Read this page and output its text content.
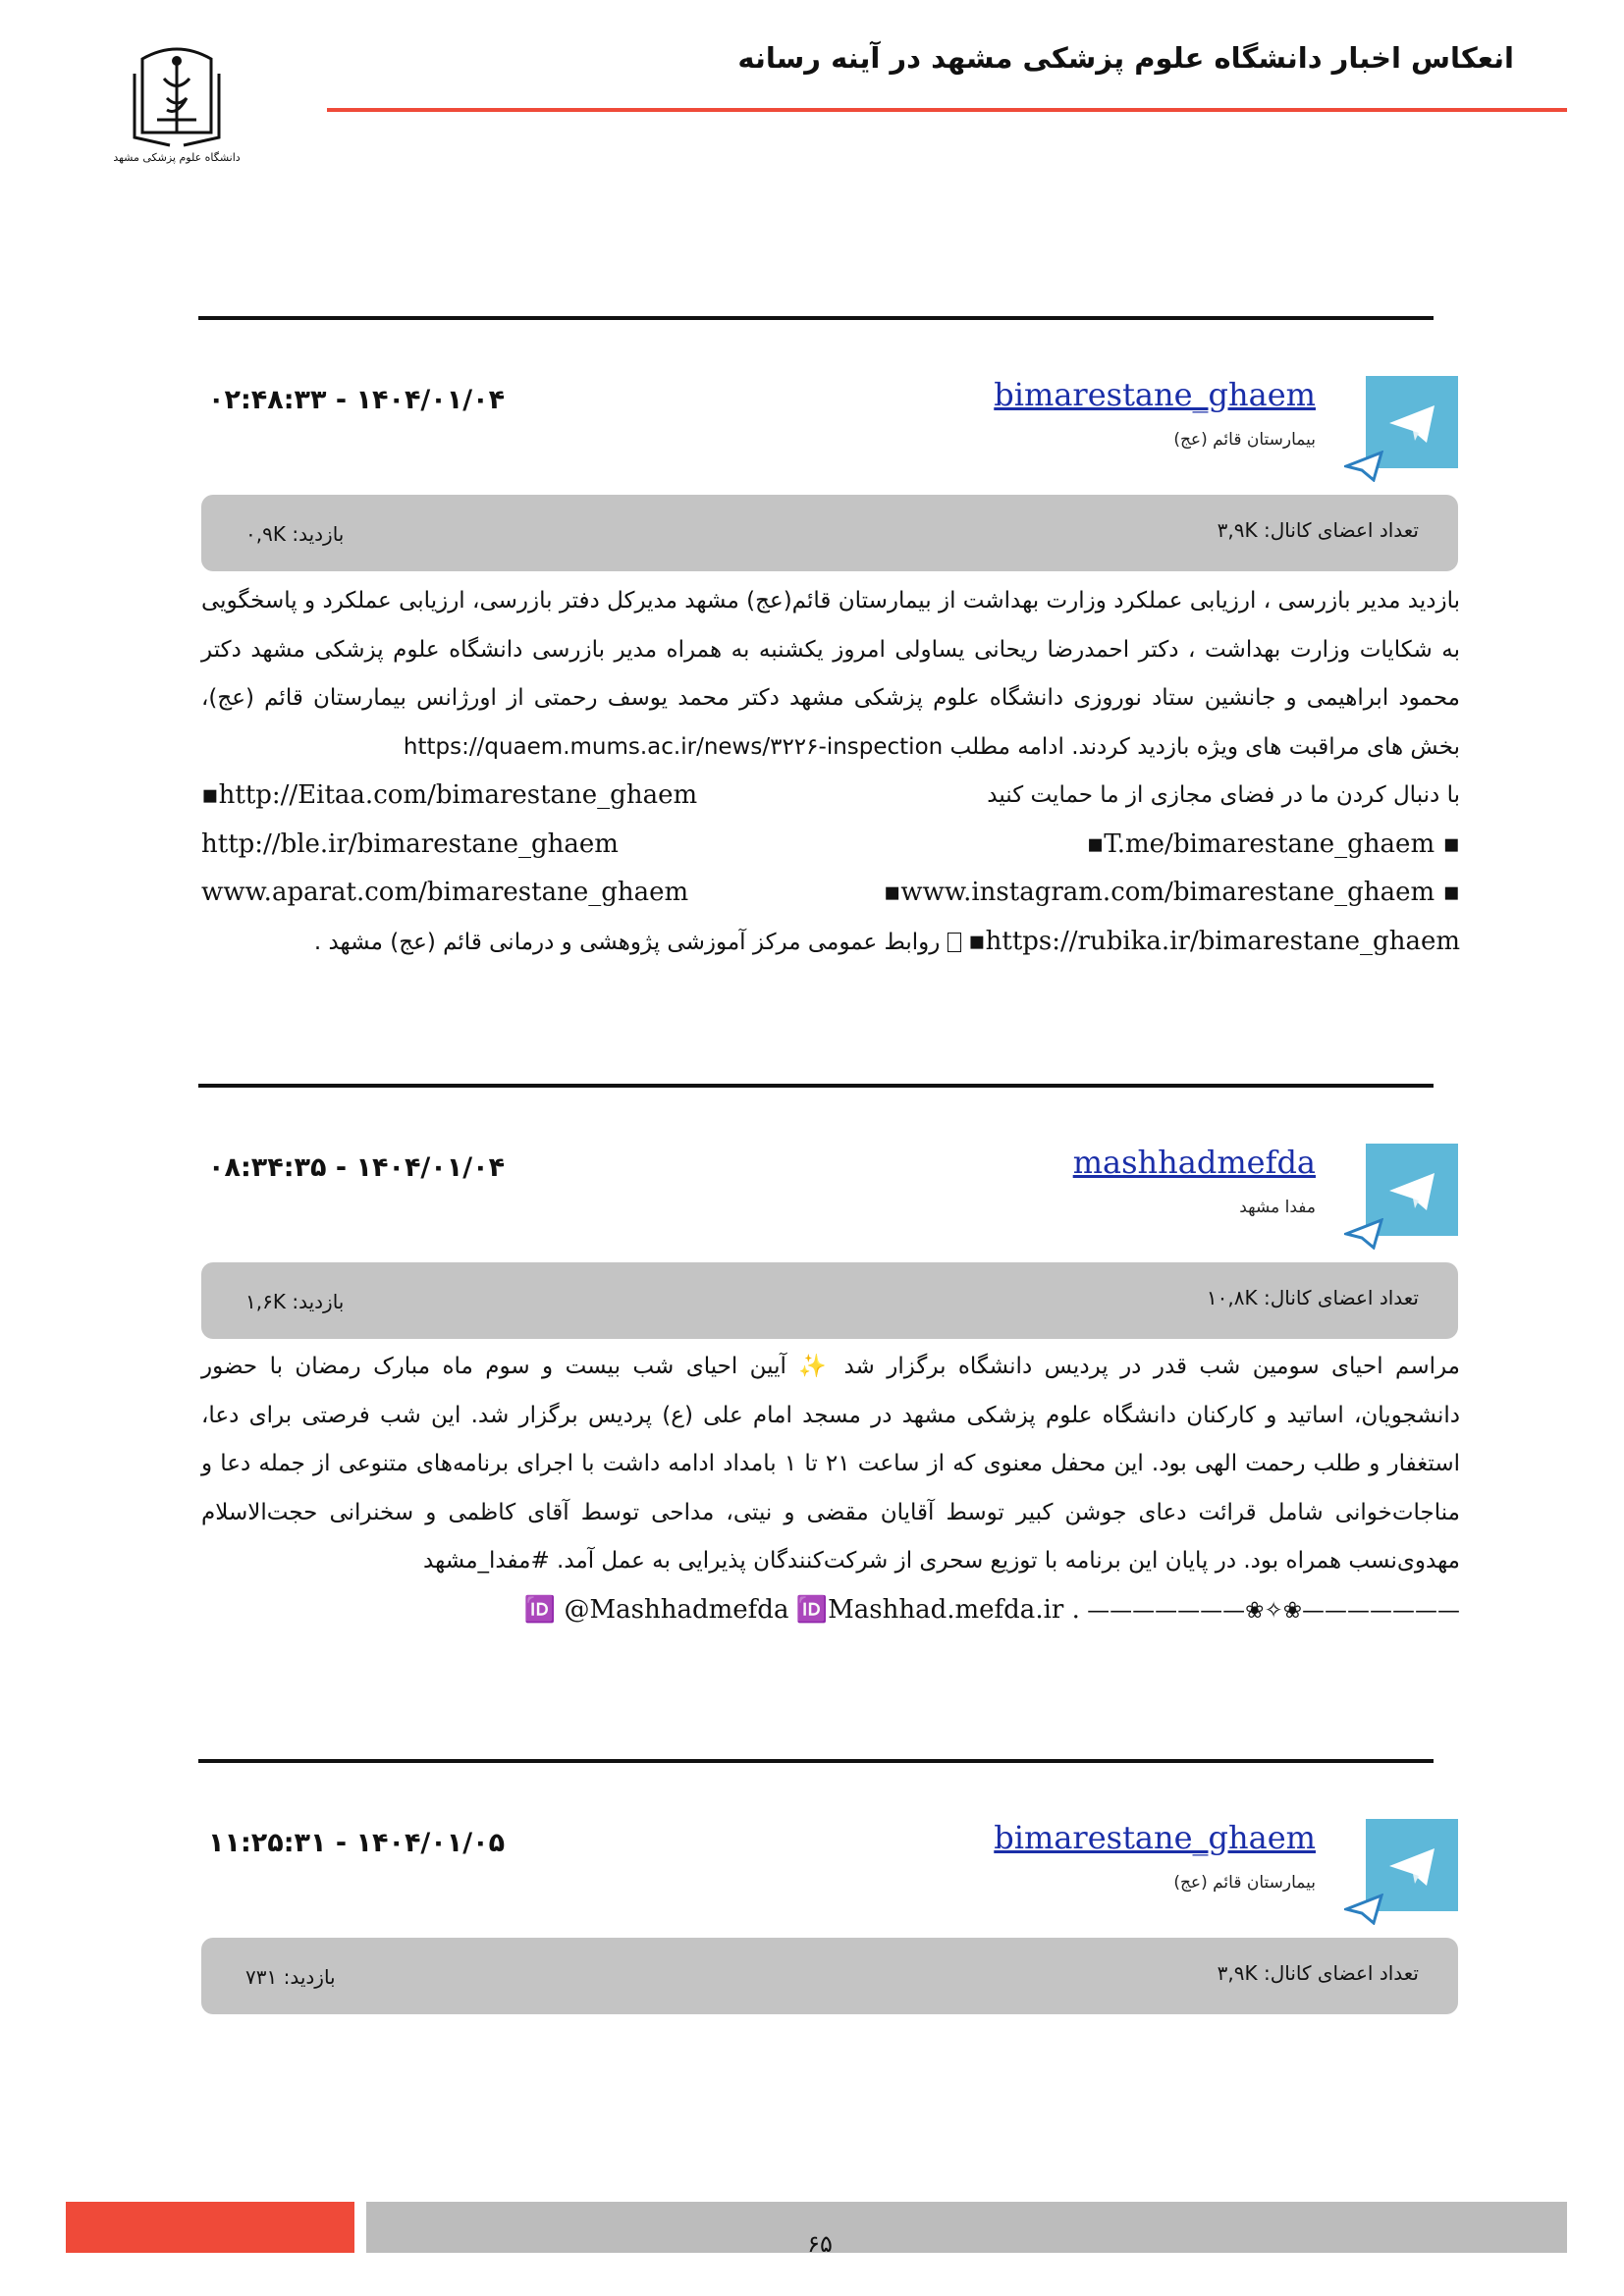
انعکاس اخبار دانشگاه علوم پزشکی مشهد در آینه رسانه
دانشگاه علوم پزشکی مشهد
bimarestane_ghaem
بیمارستان قائم (عج)
۱۴۰۴/۰۱/۰۴ - ۰۲:۴۸:۳۳
تعداد اعضای کانال: ۳,۹K
بازدید: ۰,۹K

بازدید مدیر بازرسی ، ارزیابی عملکرد وزارت بهداشت از بیمارستان قائم(عج) مشهد مدیرکل دفتر بازرسی، ارزیابی عملکرد و پاسخگویی به شکایات وزارت بهداشت ، دکتر احمدرضا ریحانی یساولی امروز یکشنبه به همراه مدیر بازرسی دانشگاه علوم پزشکی مشهد دکتر محمود ابراهیمی و جانشین ستاد نوروزی دانشگاه علوم پزشکی مشهد دکتر محمد یوسف رحمتی از اورژانس بیمارستان قائم (عج)، بخش های مراقبت های ویژه بازدید کردند. ادامه مطلب https://quaem.mums.ac.ir/news/۳۲۲۶-inspection

با دنبال کردن ما در فضای مجازی از ما حمایت کنید
▪http://Eitaa.com/bimarestane_ghaem
▪T.me/bimarestane_ghaem ▪
http://ble.ir/bimarestane_ghaem
▪www.instagram.com/bimarestane_ghaem ▪
www.aparat.com/bimarestane_ghaem
▪https://rubika.ir/bimarestane_ghaem  روابط عمومی مرکز آموزشی پژوهشی و درمانی قائم (عج) مشهد .
mashhadmefda
مفدا مشهد
۱۴۰۴/۰۱/۰۴ - ۰۸:۳۴:۳۵
تعداد اعضای کانال: ۱۰,۸K
بازدید: ۱,۶K

مراسم احیای سومین شب قدر در پردیس دانشگاه برگزار شد ✨ آیین احیای شب بیست و سوم ماه مبارک رمضان با حضور دانشجویان، اساتید و کارکنان دانشگاه علوم پزشکی مشهد در مسجد امام علی (ع) پردیس برگزار شد. این شب فرصتی برای دعا، استغفار و طلب رحمت الهی بود. این محفل معنوی که از ساعت ۲۱ تا ۱ بامداد ادامه داشت با اجرای برنامه‌های متنوعی از جمله دعا و مناجات‌خوانی شامل قرائت دعای جوشن کبیر توسط آقایان مقضی و نیتی، مداحی توسط آقای کاظمی و سخنرانی حجت‌الاسلام مهدوی‌نسب همراه بود. در پایان این برنامه با توزیع سحری از شرکت‌کنندگان پذیرایی به عمل آمد. #مفدا_مشهد

———————❀✧❀——————— 🆔 @Mashhadmefda 🆔Mashhad.mefda.ir .
bimarestane_ghaem
بیمارستان قائم (عج)
۱۴۰۴/۰۱/۰۵ - ۱۱:۲۵:۳۱
تعداد اعضای کانال: ۳,۹K
بازدید: ۷۳۱
۶۵
